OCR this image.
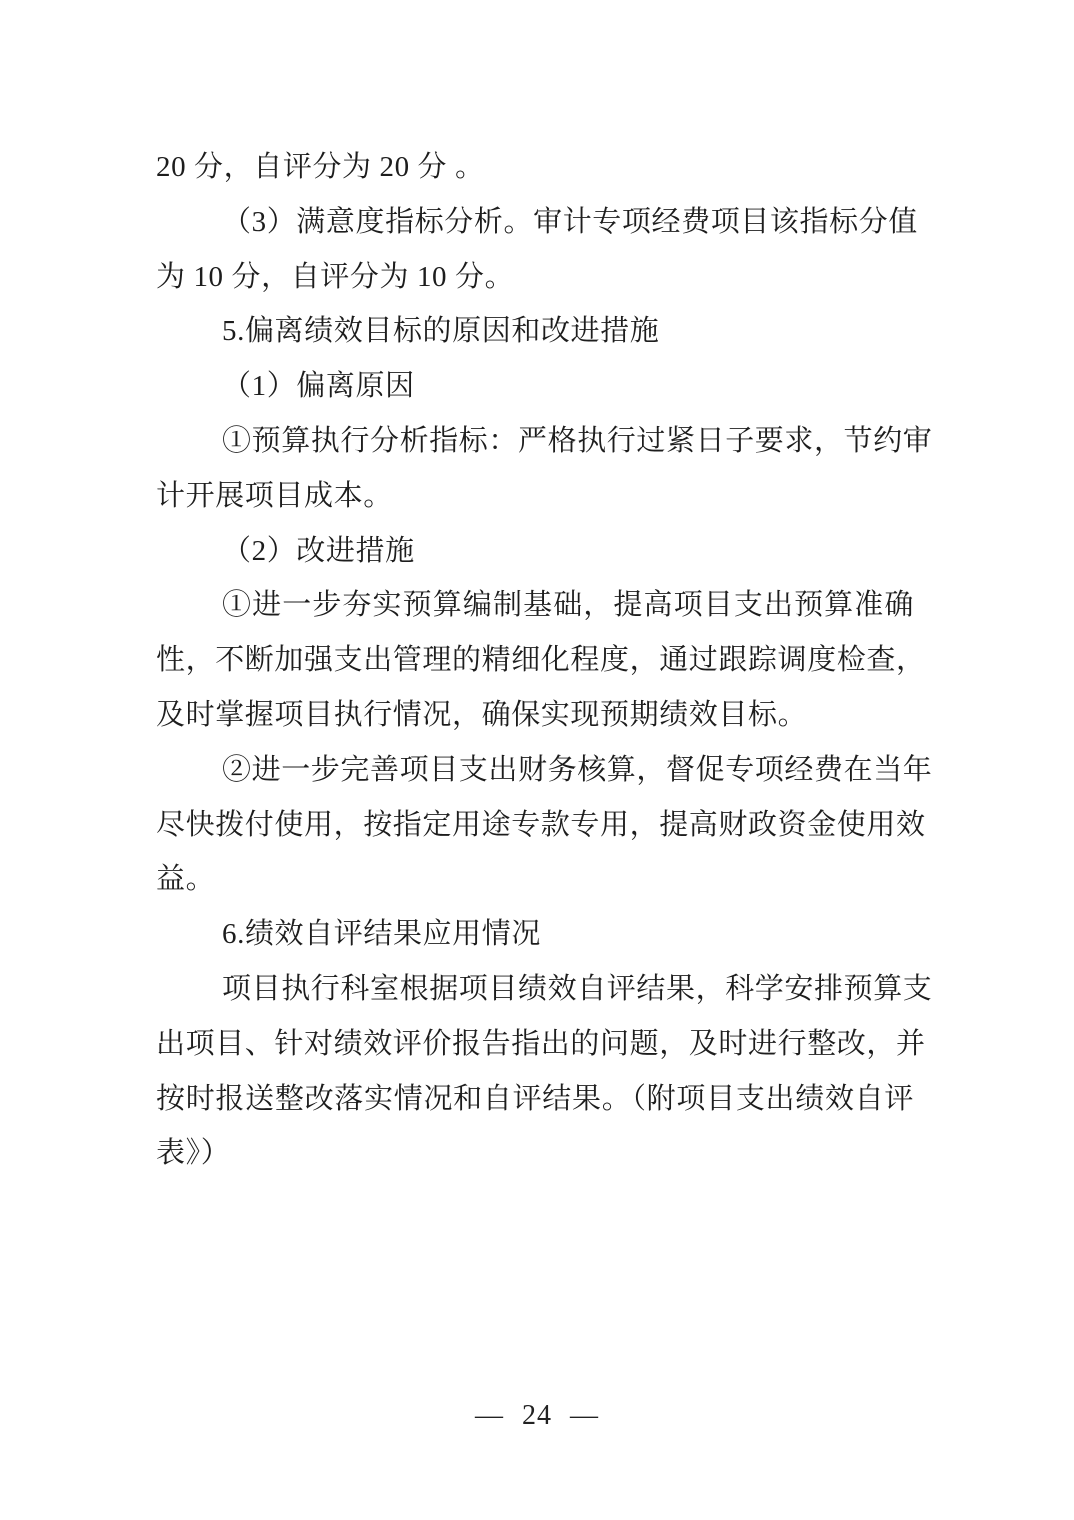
20 分，自评分为 20 分 。
（3）满意度指标分析。审计专项经费项目该指标分值
为 10 分，自评分为 10 分。
5.偏离绩效目标的原因和改进措施
（1）偏离原因
①预算执行分析指标：严格执行过紧日子要求，节约审
计开展项目成本。
（2）改进措施
①进一步夯实预算编制基础，提高项目支出预算准确
性，不断加强支出管理的精细化程度，通过跟踪调度检查，
及时掌握项目执行情况，确保实现预期绩效目标。
②进一步完善项目支出财务核算，督促专项经费在当年
尽快拨付使用，按指定用途专款专用，提高财政资金使用效
益。
6.绩效自评结果应用情况
项目执行科室根据项目绩效自评结果，科学安排预算支
出项目、针对绩效评价报告指出的问题，及时进行整改，并
按时报送整改落实情况和自评结果。（附项目支出绩效自评
表》）
— 24 —
